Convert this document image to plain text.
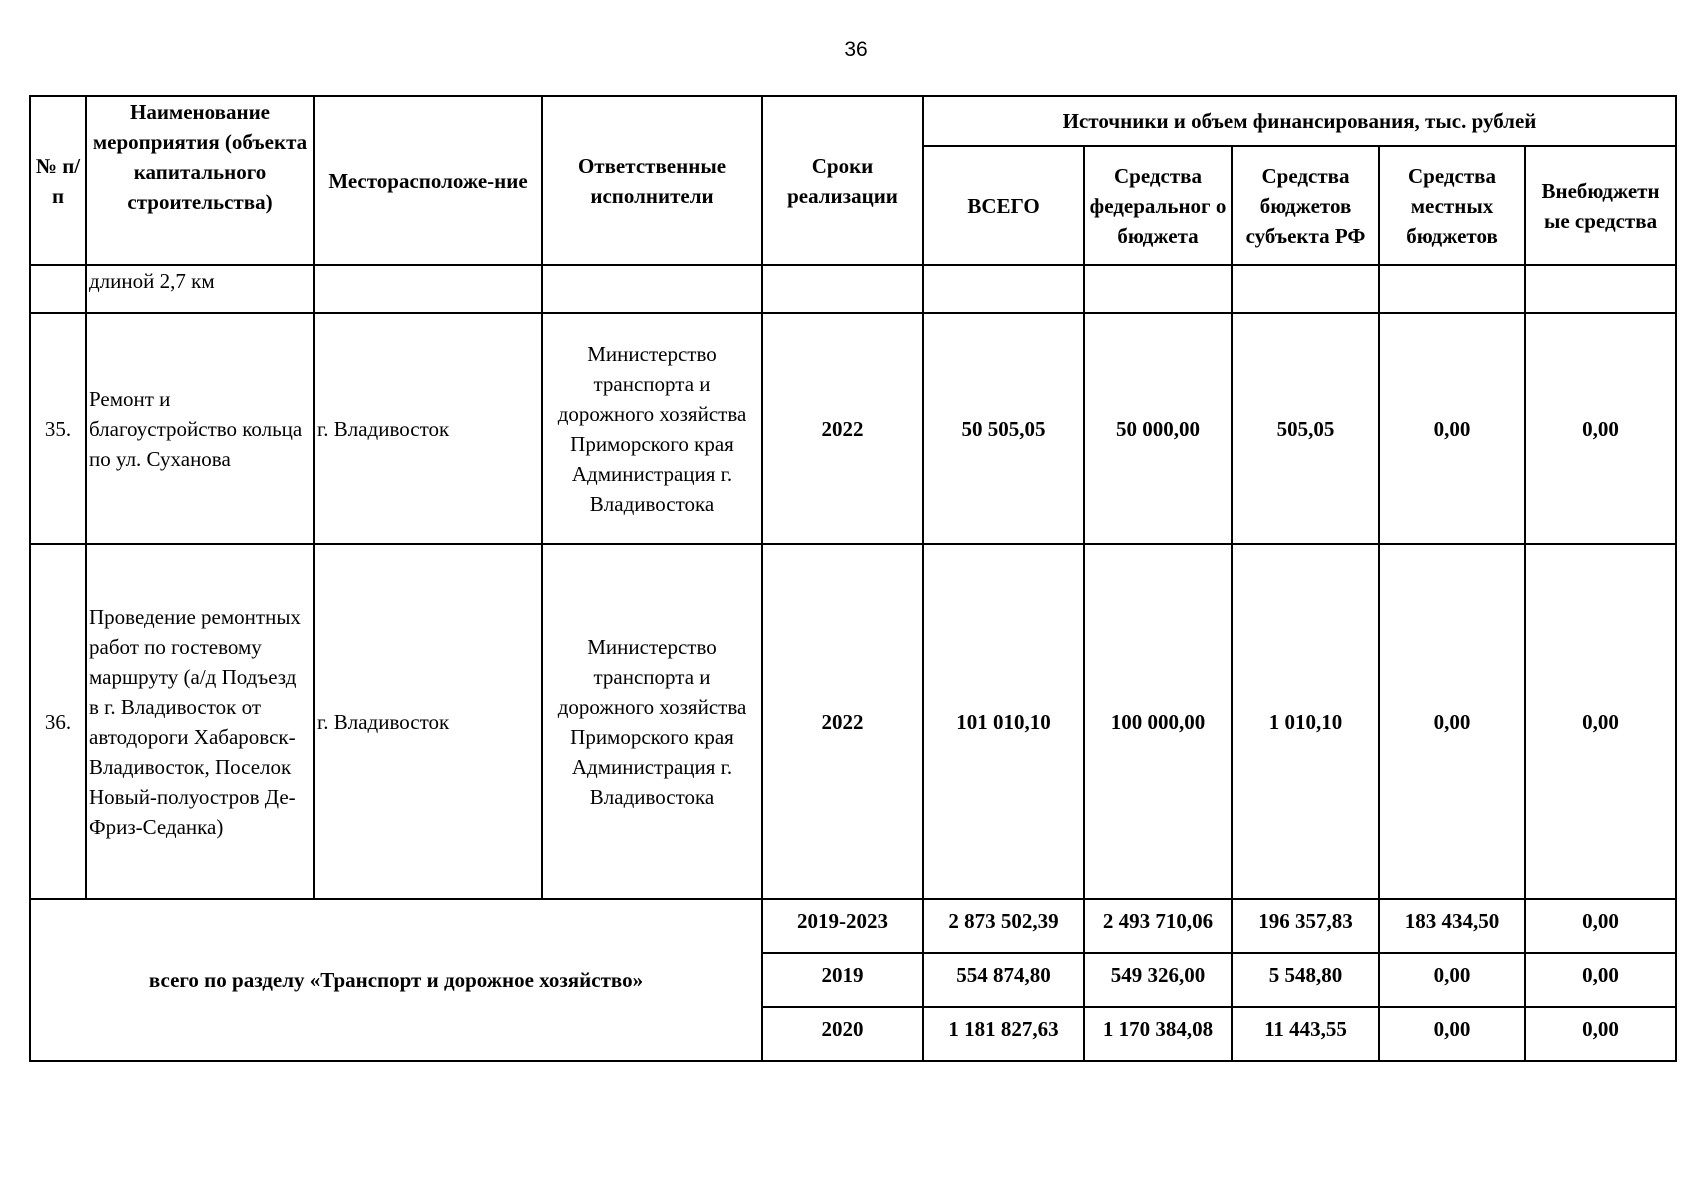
36
№ п/п	Наименование мероприятия (объекта капитального строительства)	Месторасположе-ние	Ответственные исполнители	Сроки реализации	Источники и объем финансирования, тыс. рублей				
					ВСЕГО	Средства федеральног о бюджета	Средства бюджетов субъекта РФ	Средства местных бюджетов	Внебюджетн ые средства
	длиной 2,7 км								
35.	Ремонт и благоустройство кольца по ул. Суханова	г. Владивосток	Министерство транспорта и дорожного хозяйства Приморского края Администрация г. Владивостока	2022	50 505,05	50 000,00	505,05	0,00	0,00
36.	Проведение ремонтных работ по гостевому маршруту (а/д Подъезд в г. Владивосток от автодороги Хабаровск-Владивосток, Поселок Новый-полуостров Де-Фриз-Седанка)	г. Владивосток	Министерство транспорта и дорожного хозяйства Приморского края Администрация г. Владивостока	2022	101 010,10	100 000,00	1 010,10	0,00	0,00
всего по разделу «Транспорт и дорожное хозяйство»				2019-2023	2 873 502,39	2 493 710,06	196 357,83	183 434,50	0,00
				2019	554 874,80	549 326,00	5 548,80	0,00	0,00
				2020	1 181 827,63	1 170 384,08	11 443,55	0,00	0,00
